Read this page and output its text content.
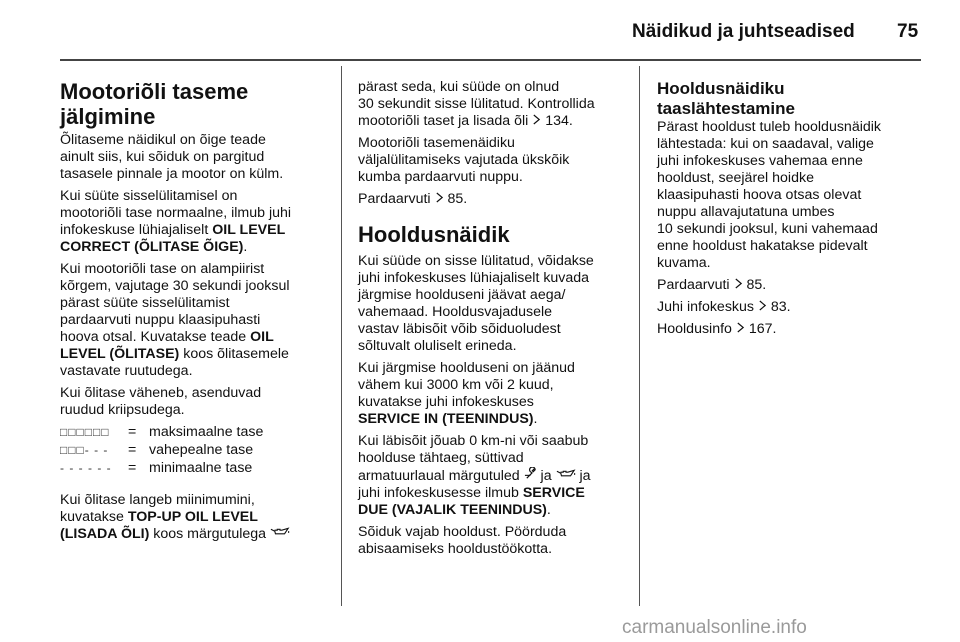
Näidikud ja juhtseadised 75
Mootoriõli taseme
jälgimine

Õlitaseme näidikul on õige teade
ainult siis, kui sõiduk on pargitud
tasasele pinnale ja mootor on külm.

Kui süüte sisselülitamisel on
mootoriõli tase normaalne, ilmub juhi
infokeskuse lühiajaliselt OIL LEVEL
CORRECT (ÕLITASE ÕIGE).

Kui mootoriõli tase on alampiirist
kõrgem, vajutage 30 sekundi jooksul
pärast süüte sisselülitamist
pardaarvuti nuppu klaasipuhasti
hoova otsal. Kuvatakse teade OIL
LEVEL (ÕLITASE) koos õlitasemele
vastavate ruutudega.

Kui õlitase väheneb, asenduvad
ruudud kriipsudega.

□□□□□□ = maksimaalne tase
□□□- - - = vahepealne tase
- - - - - - = minimaalne tase

Kui õlitase langeb miinimumini,
kuvatakse TOP-UP OIL LEVEL
(LISADA ÕLI) koos märgutulega

pärast seda, kui süüde on olnud
30 sekundit sisse lülitatud. Kontrollida
mootoriõli taset ja lisada õli  134.

Mootoriõli tasemenäidiku
väljalülitamiseks vajutada ükskõik
kumba pardaarvuti nuppu.

Pardaarvuti  85.

Hooldusnäidik

Kui süüde on sisse lülitatud, võidakse
juhi infokeskuses lühiajaliselt kuvada
järgmise hoolduseni jäävat aega/
vahemaad. Hooldusvajadusele
vastav läbisõit võib sõiduoludest
sõltuvalt oluliselt erineda.

Kui järgmise hoolduseni on jäänud
vähem kui 3000 km või 2 kuud,
kuvatakse juhi infokeskuses
SERVICE IN (TEENINDUS).

Kui läbisõit jõuab 0 km-ni või saabub
hoolduse tähtaeg, süttivad
armatuurlaual märgutuled  ja  ja
juhi infokeskusesse ilmub SERVICE
DUE (VAJALIK TEENINDUS).

Sõiduk vajab hooldust. Pöörduda
abisaamiseks hooldustöökotta.

Hooldusnäidiku
taaslähtestamine

Pärast hooldust tuleb hooldusnäidik
lähtestada: kui on saadaval, valige
juhi infokeskuses vahemaa enne
hooldust, seejärel hoidke
klaasipuhasti hoova otsas olevat
nuppu allavajutatuna umbes
10 sekundi jooksul, kuni vahemaad
enne hooldust hakatakse pidevalt
kuvama.

Pardaarvuti  85.

Juhi infokeskus  83.

Hooldusinfo  167.

carmanualsonline.info
